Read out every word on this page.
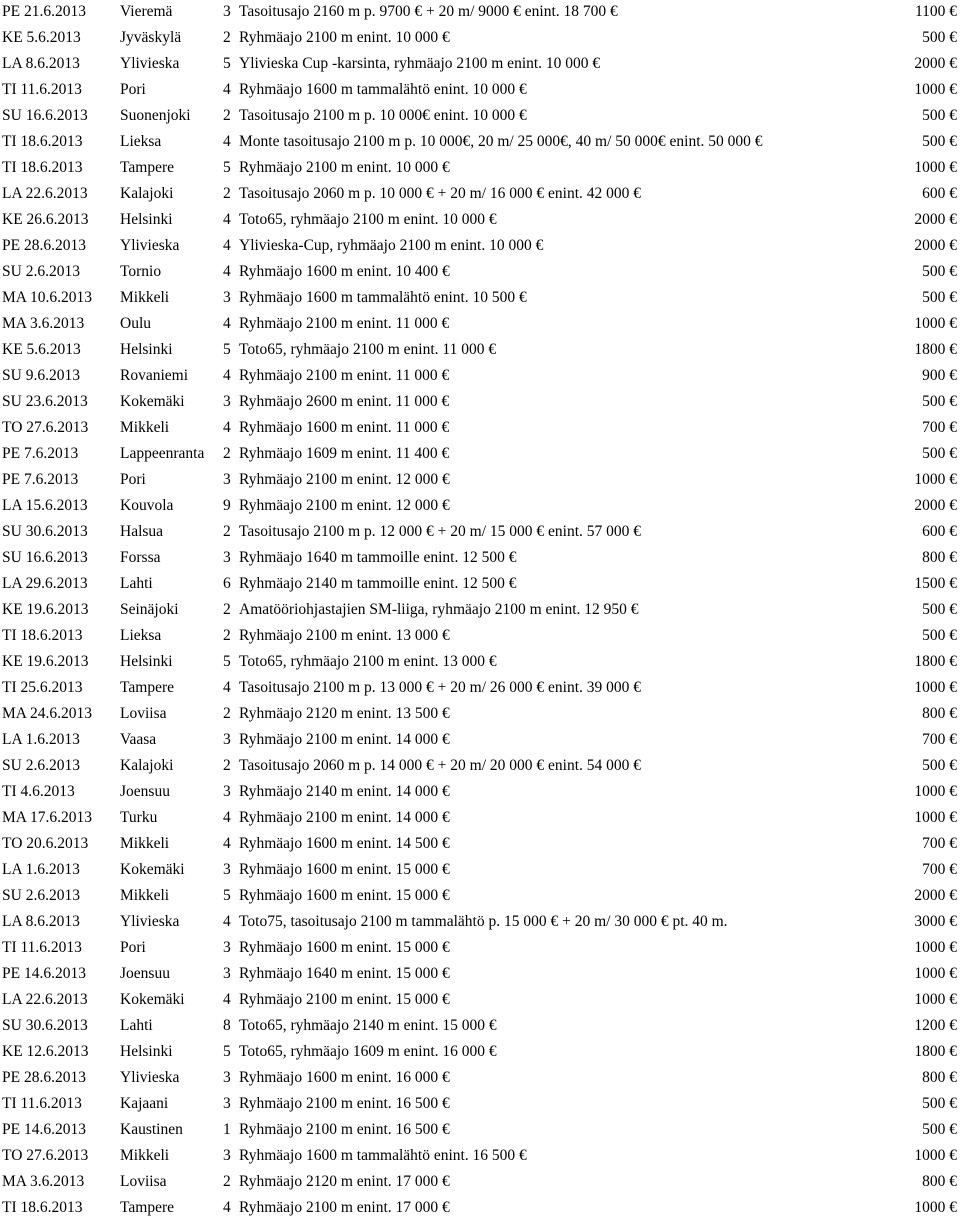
PE 21.6.2013 Vieremä	3 Tasoitusajo 2160 m p. 9700 € + 20 m/ 9000 € enint. 18 700 €	1100 €
KE 5.6.2013	Jyväskylä	2 Ryhmäajo 2100 m enint. 10 000 €	500 €
LA 8.6.2013	Ylivieska	5 Ylivieska Cup -karsinta, ryhmäajo 2100 m enint. 10 000 €	2000 €
TI 11.6.2013 Pori	4 Ryhmäajo 1600 m tammalähtö enint. 10 000 €	1000 €
SU 16.6.2013 Suonenjoki 2 Tasoitusajo 2100 m p. 10 000€ enint. 10 000 €	500 €
TI 18.6.2013 Lieksa	4 Monte tasoitusajo 2100 m p. 10 000€, 20 m/ 25 000€, 40 m/ 50 000€ enint. 50 000 €	500 €
TI 18.6.2013 Tampere	5 Ryhmäajo 2100 m enint. 10 000 €	1000 €
LA 22.6.2013 Kalajoki	2 Tasoitusajo 2060 m p. 10 000 € + 20 m/ 16 000 € enint. 42 000 €	600 €
KE 26.6.2013 Helsinki	4 Toto65, ryhmäajo 2100 m enint. 10 000 €	2000 €
PE 28.6.2013 Ylivieska	4 Ylivieska-Cup, ryhmäajo 2100 m enint. 10 000 €	2000 €
SU 2.6.2013	Tornio	4 Ryhmäajo 1600 m enint. 10 400 €	500 €
MA 10.6.2013 Mikkeli	3 Ryhmäajo 1600 m tammalähtö enint. 10 500 €	500 €
MA 3.6.2013 Oulu	4 Ryhmäajo 2100 m enint. 11 000 €	1000 €
KE 5.6.2013	Helsinki	5 Toto65, ryhmäajo 2100 m enint. 11 000 €	1800 €
SU 9.6.2013	Rovaniemi 4 Ryhmäajo 2100 m enint. 11 000 €	900 €
SU 23.6.2013 Kokemäki 3 Ryhmäajo 2600 m enint. 11 000 €	500 €
TO 27.6.2013 Mikkeli	4 Ryhmäajo 1600 m enint. 11 000 €	700 €
PE 7.6.2013	Lappeenranta 2 Ryhmäajo 1609 m enint. 11 400 €	500 €
PE 7.6.2013	Pori	3 Ryhmäajo 2100 m enint. 12 000 €	1000 €
LA 15.6.2013 Kouvola	9 Ryhmäajo 2100 m enint. 12 000 €	2000 €
SU 30.6.2013 Halsua	2 Tasoitusajo 2100 m p. 12 000 € + 20 m/ 15 000 € enint. 57 000 €	600 €
SU 16.6.2013 Forssa	3 Ryhmäajo 1640 m tammoille enint. 12 500 €	800 €
LA 29.6.2013 Lahti	6 Ryhmäajo 2140 m tammoille enint. 12 500 €	1500 €
KE 19.6.2013 Seinäjoki	2 Amatööriohjastajien SM-liiga, ryhmäajo 2100 m enint. 12 950 €	500 €
TI 18.6.2013 Lieksa	2 Ryhmäajo 2100 m enint. 13 000 €	500 €
KE 19.6.2013 Helsinki	5 Toto65, ryhmäajo 2100 m enint. 13 000 €	1800 €
TI 25.6.2013 Tampere	4 Tasoitusajo 2100 m p. 13 000 € + 20 m/ 26 000 € enint. 39 000 €	1000 €
MA 24.6.2013 Loviisa	2 Ryhmäajo 2120 m enint. 13 500 €	800 €
LA 1.6.2013	Vaasa	3 Ryhmäajo 2100 m enint. 14 000 €	700 €
SU 2.6.2013	Kalajoki	2 Tasoitusajo 2060 m p. 14 000 € + 20 m/ 20 000 € enint. 54 000 €	500 €
TI 4.6.2013	Joensuu	3 Ryhmäajo 2140 m enint. 14 000 €	1000 €
MA 17.6.2013 Turku	4 Ryhmäajo 2100 m enint. 14 000 €	1000 €
TO 20.6.2013 Mikkeli	4 Ryhmäajo 1600 m enint. 14 500 €	700 €
LA 1.6.2013	Kokemäki 3 Ryhmäajo 1600 m enint. 15 000 €	700 €
SU 2.6.2013	Mikkeli	5 Ryhmäajo 1600 m enint. 15 000 €	2000 €
LA 8.6.2013	Ylivieska	4 Toto75, tasoitusajo 2100 m tammalähtö p. 15 000 € + 20 m/ 30 000 € pt. 40 m.	3000 €
TI 11.6.2013 Pori	3 Ryhmäajo 1600 m enint. 15 000 €	1000 €
PE 14.6.2013 Joensuu	3 Ryhmäajo 1640 m enint. 15 000 €	1000 €
LA 22.6.2013 Kokemäki 4 Ryhmäajo 2100 m enint. 15 000 €	1000 €
SU 30.6.2013 Lahti	8 Toto65, ryhmäajo 2140 m enint. 15 000 €	1200 €
KE 12.6.2013 Helsinki	5 Toto65, ryhmäajo 1609 m enint. 16 000 €	1800 €
PE 28.6.2013 Ylivieska	3 Ryhmäajo 1600 m enint. 16 000 €	800 €
TI 11.6.2013 Kajaani	3 Ryhmäajo 2100 m enint. 16 500 €	500 €
PE 14.6.2013 Kaustinen	1 Ryhmäajo 2100 m enint. 16 500 €	500 €
TO 27.6.2013 Mikkeli	3 Ryhmäajo 1600 m tammalähtö enint. 16 500 €	1000 €
MA 3.6.2013 Loviisa	2 Ryhmäajo 2120 m enint. 17 000 €	800 €
TI 18.6.2013 Tampere	4 Ryhmäajo 2100 m enint. 17 000 €	1000 €
